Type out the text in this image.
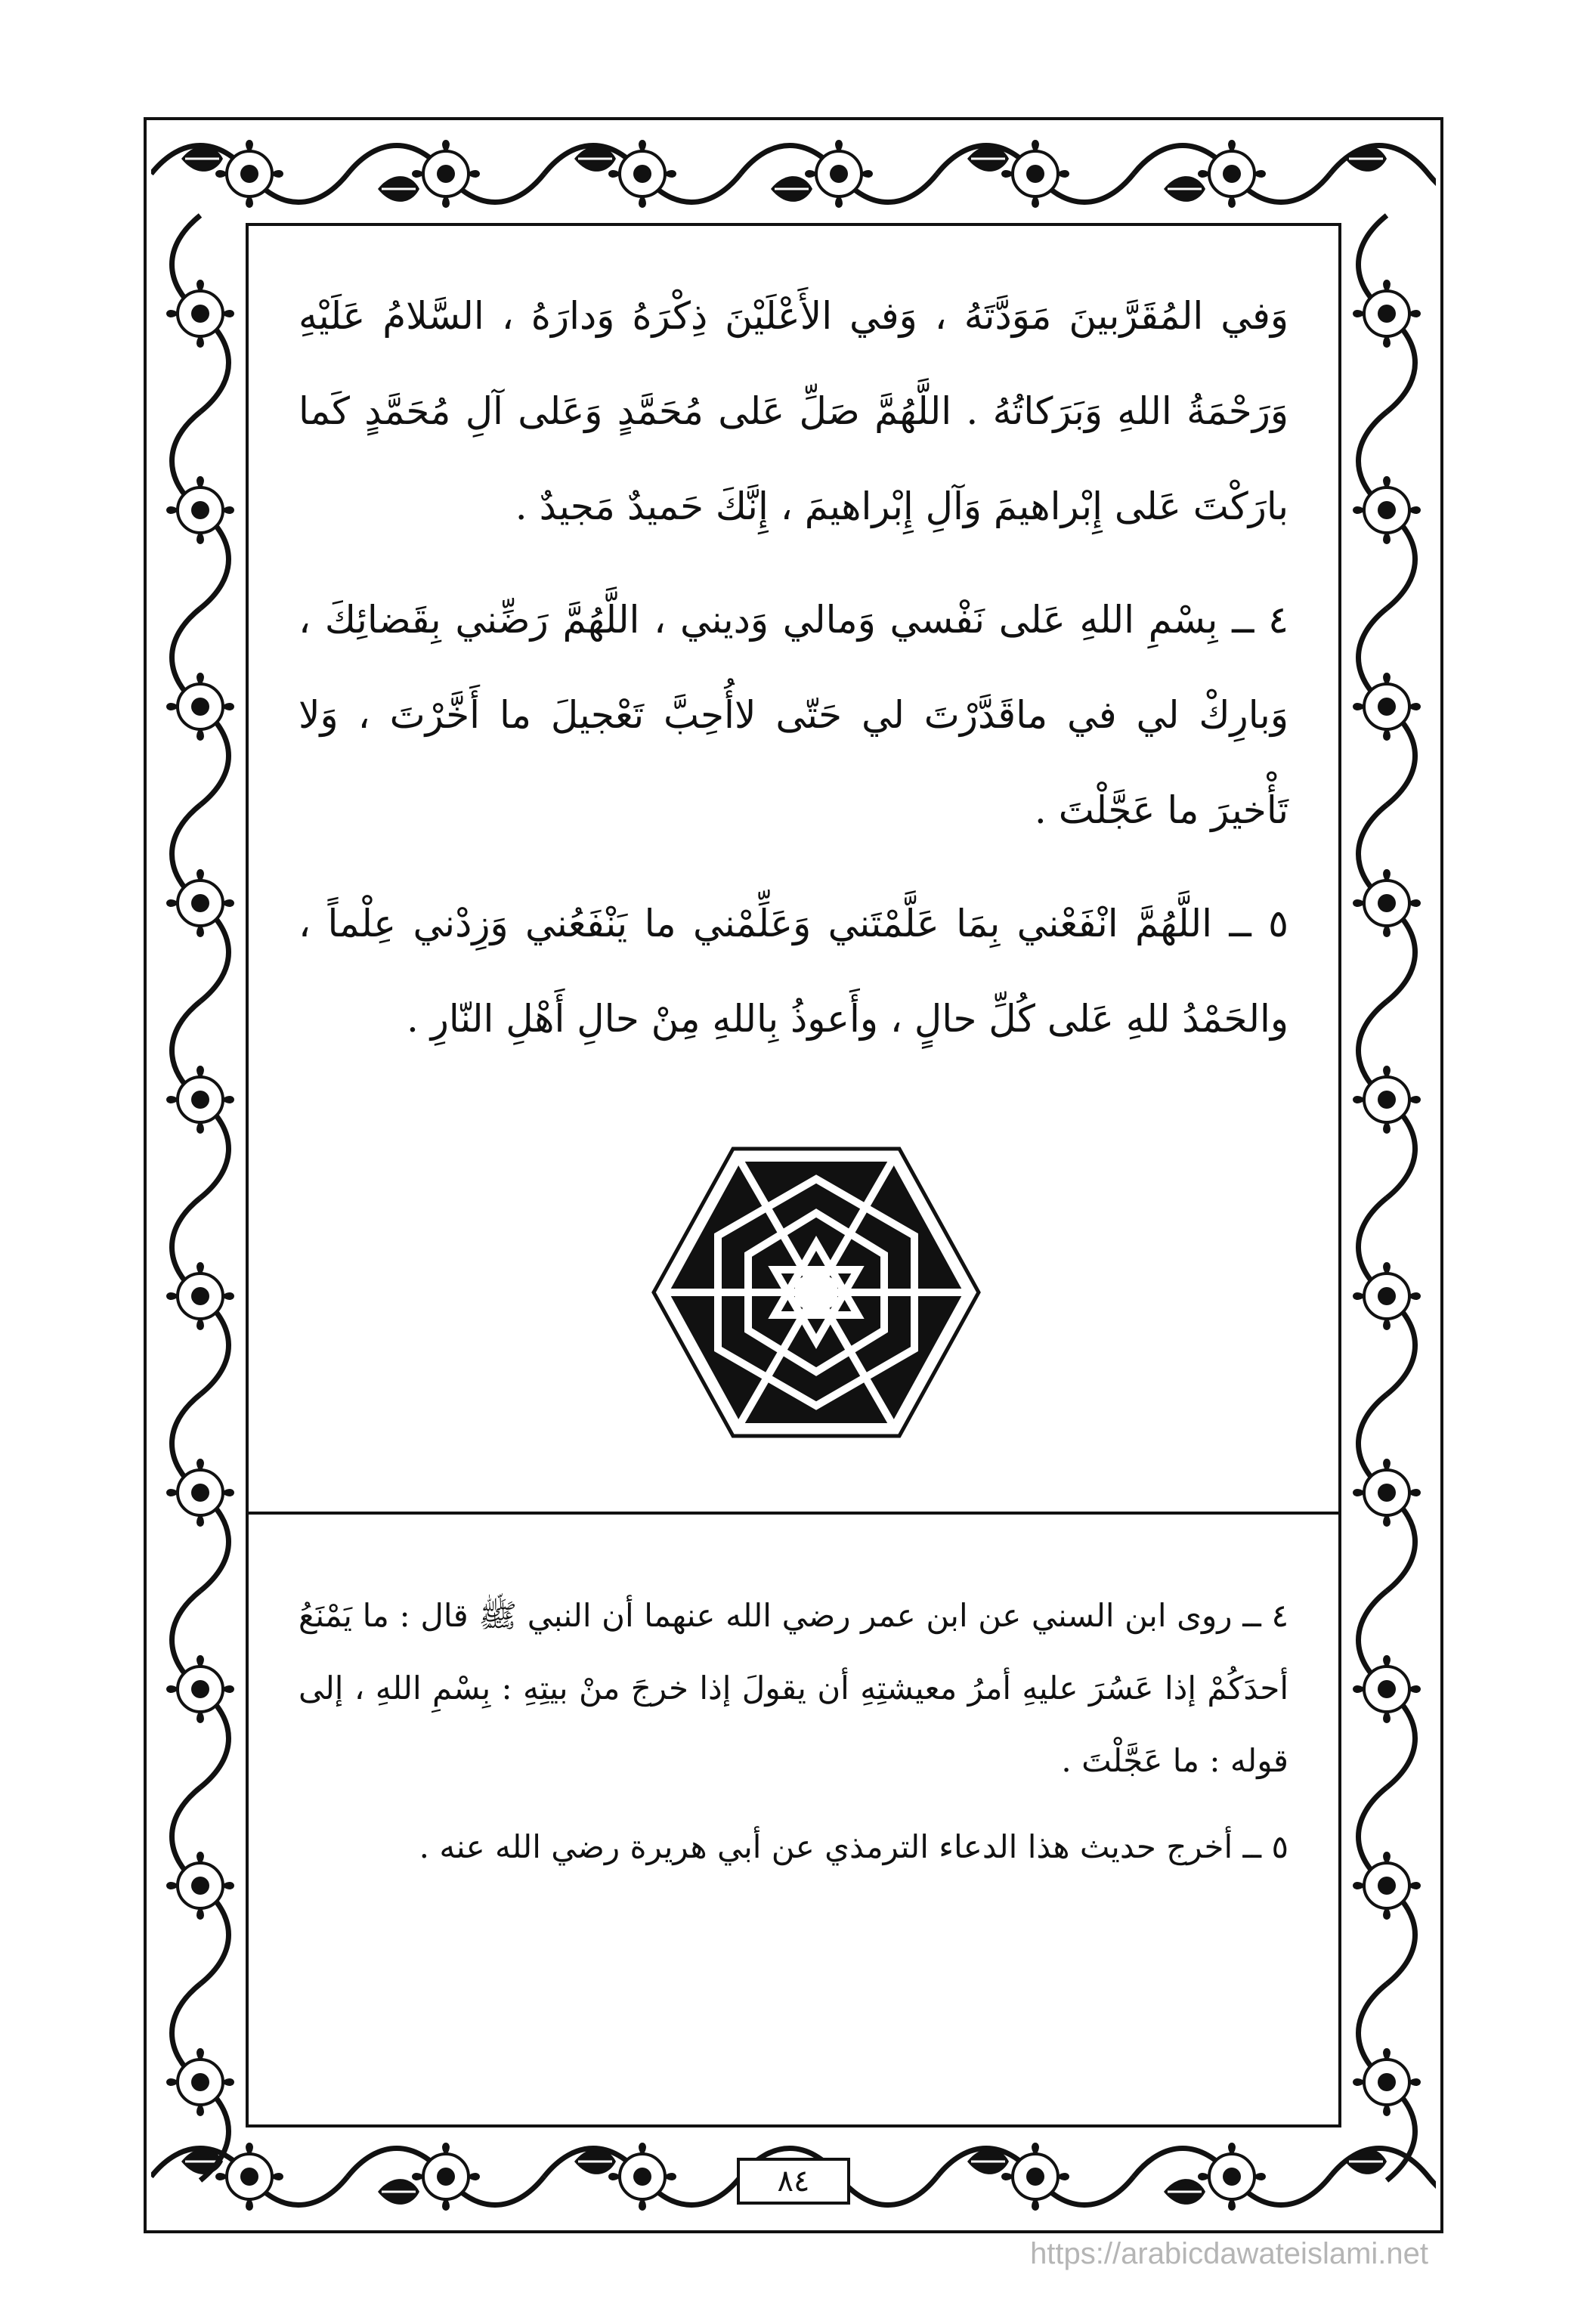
وَفي المُقَرَّبينَ مَوَدَّتَهُ ، وَفي الأَعْلَيْنَ ذِكْرَهُ وَدارَهُ ، السَّلامُ عَلَيْهِ وَرَحْمَةُ اللهِ وَبَرَكاتُهُ . اللَّهُمَّ صَلِّ عَلى مُحَمَّدٍ وَعَلى آلِ مُحَمَّدٍ كَما بارَكْتَ عَلى إِبْراهيمَ وَآلِ إِبْراهيمَ ، إِنَّكَ حَميدٌ مَجيدٌ .

٤ ــ بِسْمِ اللهِ عَلى نَفْسي وَمالي وَديني ، اللَّهُمَّ رَضِّني بِقَضائِكَ ، وَبارِكْ لي في ماقَدَّرْتَ لي حَتّى لاأُحِبَّ تَعْجيلَ ما أَخَّرْتَ ، وَلا تَأْخيرَ ما عَجَّلْتَ .

٥ ــ اللَّهُمَّ انْفَعْني بِمَا عَلَّمْتَني وَعَلِّمْني ما يَنْفَعُني وَزِدْني عِلْماً ، والحَمْدُ للهِ عَلى كُلِّ حالٍ ، وأَعوذُ بِاللهِ مِنْ حالِ أَهْلِ النّارِ .

٤ ــ روى ابن السني عن ابن عمر رضي الله عنهما أن النبي ﷺ قال : ما يَمْنَعُ أحدَكُمْ إذا عَسُرَ عليهِ أمرُ معيشتِهِ أن يقولَ إذا خرجَ منْ بيتِهِ : بِسْمِ اللهِ ، إلى قوله : ما عَجَّلْتَ .

٥ ــ أخرج حديث هذا الدعاء الترمذي عن أبي هريرة رضي الله عنه .

٨٤
https://arabicdawateislami.net
